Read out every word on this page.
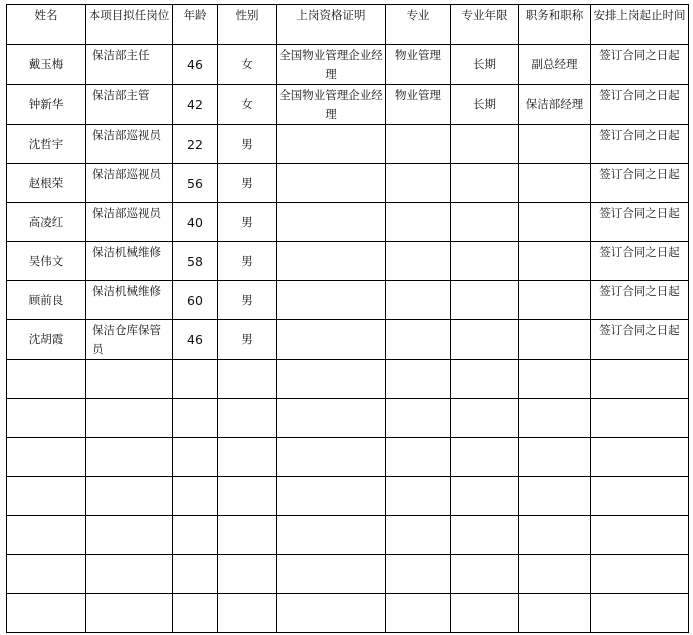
姓名	本项目拟任岗位	年龄	性别	上岗资格证明	专业	专业年限	职务和职称	安排上岗起止时间
戴玉梅	保洁部主任	46	女	全国物业管理企业经理	物业管理	长期	副总经理	签订合同之日起
钟新华	保洁部主管	42	女	全国物业管理企业经理	物业管理	长期	保洁部经理	签订合同之日起
沈哲宇	保洁部巡视员	22	男					签订合同之日起
赵根荣	保洁部巡视员	56	男					签订合同之日起
高凌红	保洁部巡视员	40	男					签订合同之日起
吴伟文	保洁机械维修	58	男					签订合同之日起
顾前良	保洁机械维修	60	男					签订合同之日起
沈胡霞	保洁仓库保管员	46	男					签订合同之日起
